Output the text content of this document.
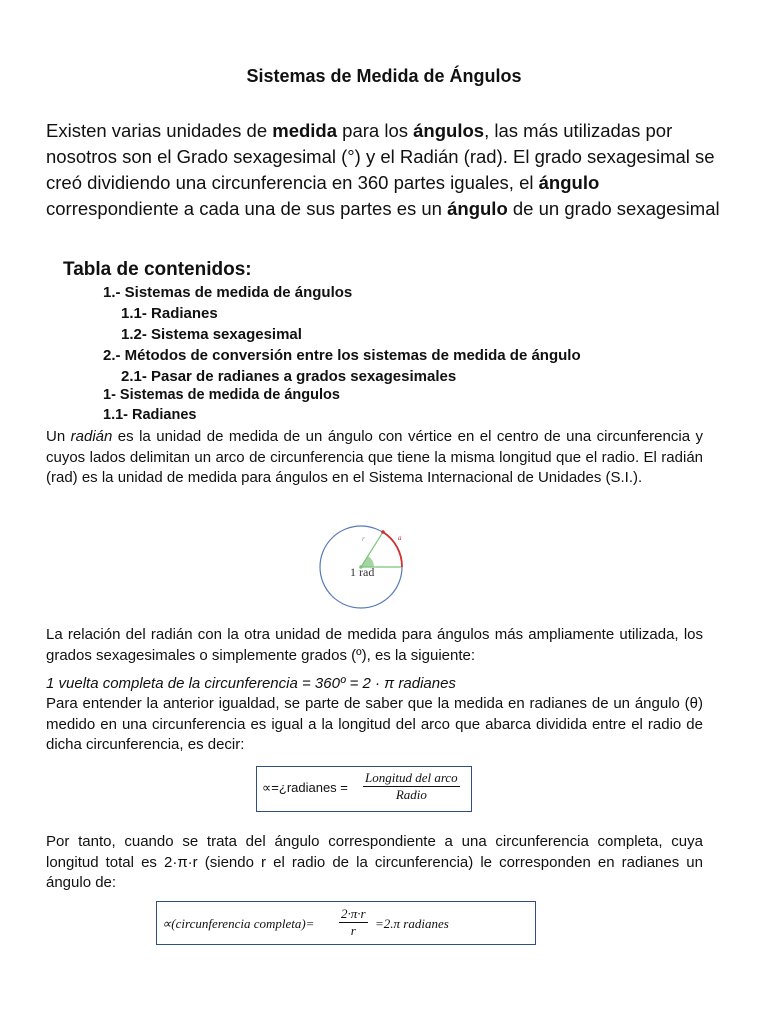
Sistemas de Medida de Ángulos
Existen varias unidades de medida para los ángulos, las más utilizadas por nosotros son el Grado sexagesimal (°) y el Radián (rad). El grado sexagesimal se creó dividiendo una circunferencia en 360 partes iguales, el ángulo correspondiente a cada una de sus partes es un ángulo de un grado sexagesimal
Tabla de contenidos:
1.- Sistemas de medida de ángulos
1.1- Radianes
1.2- Sistema sexagesimal
2.- Métodos de conversión entre los sistemas de medida de ángulo
2.1- Pasar de radianes a grados sexagesimales
1- Sistemas de medida de ángulos
1.1- Radianes
Un radián es la unidad de medida de un ángulo con vértice en el centro de una circunferencia y cuyos lados delimitan un arco de circunferencia que tiene la misma longitud que el radio. El radián (rad) es la unidad de medida para ángulos en el Sistema Internacional de Unidades (S.I.).
r	a
1 rad
La relación del radián con la otra unidad de medida para ángulos más ampliamente utilizada, los grados sexagesimales o simplemente grados (º), es la siguiente:
1 vuelta completa de la circunferencia = 360º = 2 · π radianes
Para entender la anterior igualdad, se parte de saber que la medida en radianes de un ángulo (θ) medido en una circunferencia es igual a la longitud del arco que abarca dividida entre el radio de dicha circunferencia, es decir:
∝=¿radianes =
Longitud del arco
Radio
Por tanto, cuando se trata del ángulo correspondiente a una circunferencia completa, cuya longitud total es 2·π·r (siendo r el radio de la circunferencia) le corresponden en radianes un ángulo de:
∝(circunferencia completa)= $\frac{2\cdot\pi\cdot r}{r} =2.\pi$ radianes
